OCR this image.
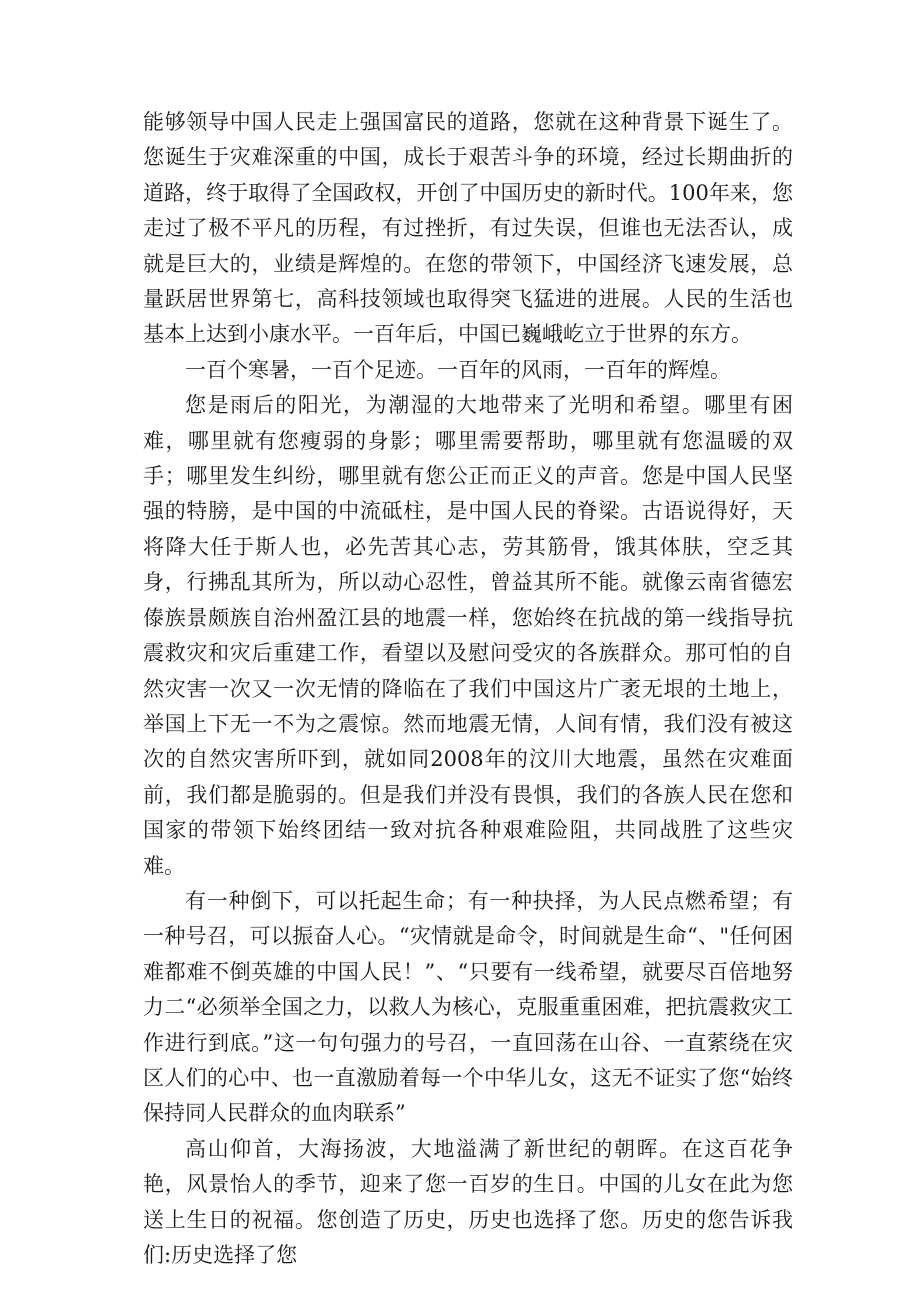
能够领导中国人民走上强国富民的道路，您就在这种背景下诞生了。您诞生于灾难深重的中国，成长于艰苦斗争的环境，经过长期曲折的道路，终于取得了全国政权，开创了中国历史的新时代。100年来，您走过了极不平凡的历程，有过挫折，有过失误，但谁也无法否认，成就是巨大的，业绩是辉煌的。在您的带领下，中国经济飞速发展，总量跃居世界第七，高科技领域也取得突飞猛进的进展。人民的生活也基本上达到小康水平。一百年后，中国已巍峨屹立于世界的东方。

一百个寒暑，一百个足迹。一百年的风雨，一百年的辉煌。

您是雨后的阳光，为潮湿的大地带来了光明和希望。哪里有困难，哪里就有您瘦弱的身影；哪里需要帮助，哪里就有您温暖的双手；哪里发生纠纷，哪里就有您公正而正义的声音。您是中国人民坚强的特膀，是中国的中流砥柱，是中国人民的脊梁。古语说得好，天将降大任于斯人也，必先苦其心志，劳其筋骨，饿其体肤，空乏其身，行拂乱其所为，所以动心忍性，曾益其所不能。就像云南省德宏傣族景颇族自治州盈江县的地震一样，您始终在抗战的第一线指导抗震救灾和灾后重建工作，看望以及慰问受灾的各族群众。那可怕的自然灾害一次又一次无情的降临在了我们中国这片广袤无垠的土地上，举国上下无一不为之震惊。然而地震无情，人间有情，我们没有被这次的自然灾害所吓到，就如同2008年的汶川大地震，虽然在灾难面前，我们都是脆弱的。但是我们并没有畏惧，我们的各族人民在您和国家的带领下始终团结一致对抗各种艰难险阻，共同战胜了这些灾难。

有一种倒下，可以托起生命；有一种抉择，为人民点燃希望；有一种号召，可以振奋人心。“灾情就是命令，时间就是生命“、"任何困难都难不倒英雄的中国人民！”、“只要有一线希望，就要尽百倍地努力二“必须举全国之力，以救人为核心，克服重重困难，把抗震救灾工作进行到底。”这一句句强力的号召，一直回荡在山谷、一直萦绕在灾区人们的心中、也一直激励着每一个中华儿女，这无不证实了您“始终保持同人民群众的血肉联系”

高山仰首，大海扬波，大地溢满了新世纪的朝晖。在这百花争艳，风景怡人的季节，迎来了您一百岁的生日。中国的儿女在此为您送上生日的祝福。您创造了历史，历史也选择了您。历史的您告诉我们:历史选择了您
